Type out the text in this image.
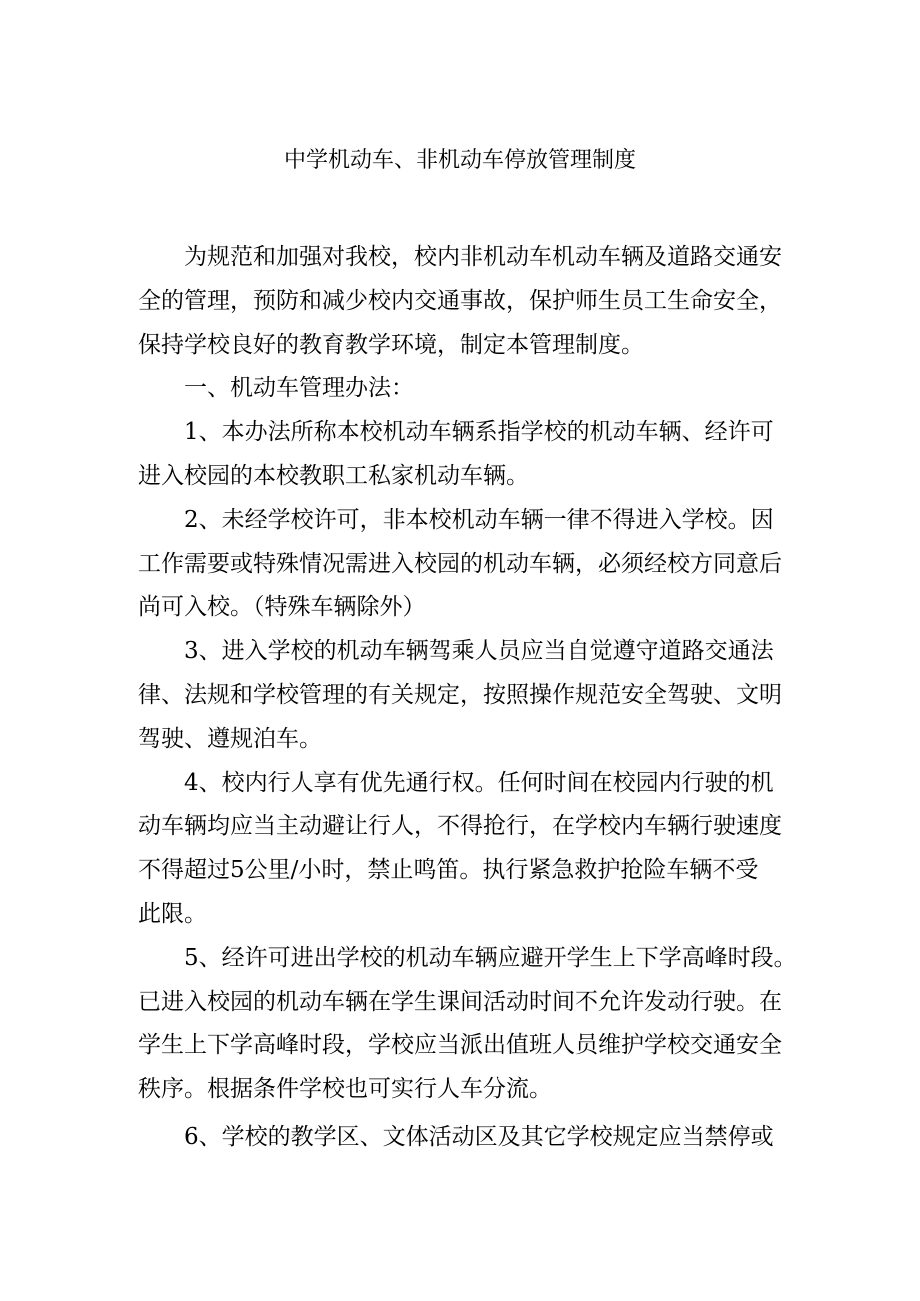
中学机动车、非机动车停放管理制度

为规范和加强对我校，校内非机动车机动车辆及道路交通安
全的管理，预防和减少校内交通事故，保护师生员工生命安全，
保持学校良好的教育教学环境，制定本管理制度。

一、机动车管理办法：

1、本办法所称本校机动车辆系指学校的机动车辆、经许可
进入校园的本校教职工私家机动车辆。

2、未经学校许可，非本校机动车辆一律不得进入学校。因
工作需要或特殊情况需进入校园的机动车辆，必须经校方同意后
尚可入校。（特殊车辆除外）

3、进入学校的机动车辆驾乘人员应当自觉遵守道路交通法
律、法规和学校管理的有关规定，按照操作规范安全驾驶、文明
驾驶、遵规泊车。

4、校内行人享有优先通行权。任何时间在校园内行驶的机
动车辆均应当主动避让行人，不得抢行，在学校内车辆行驶速度
不得超过5公里/小时，禁止鸣笛。执行紧急救护抢险车辆不受
此限。

5、经许可进出学校的机动车辆应避开学生上下学高峰时段。
已进入校园的机动车辆在学生课间活动时间不允许发动行驶。在
学生上下学高峰时段，学校应当派出值班人员维护学校交通安全
秩序。根据条件学校也可实行人车分流。

6、学校的教学区、文体活动区及其它学校规定应当禁停或
